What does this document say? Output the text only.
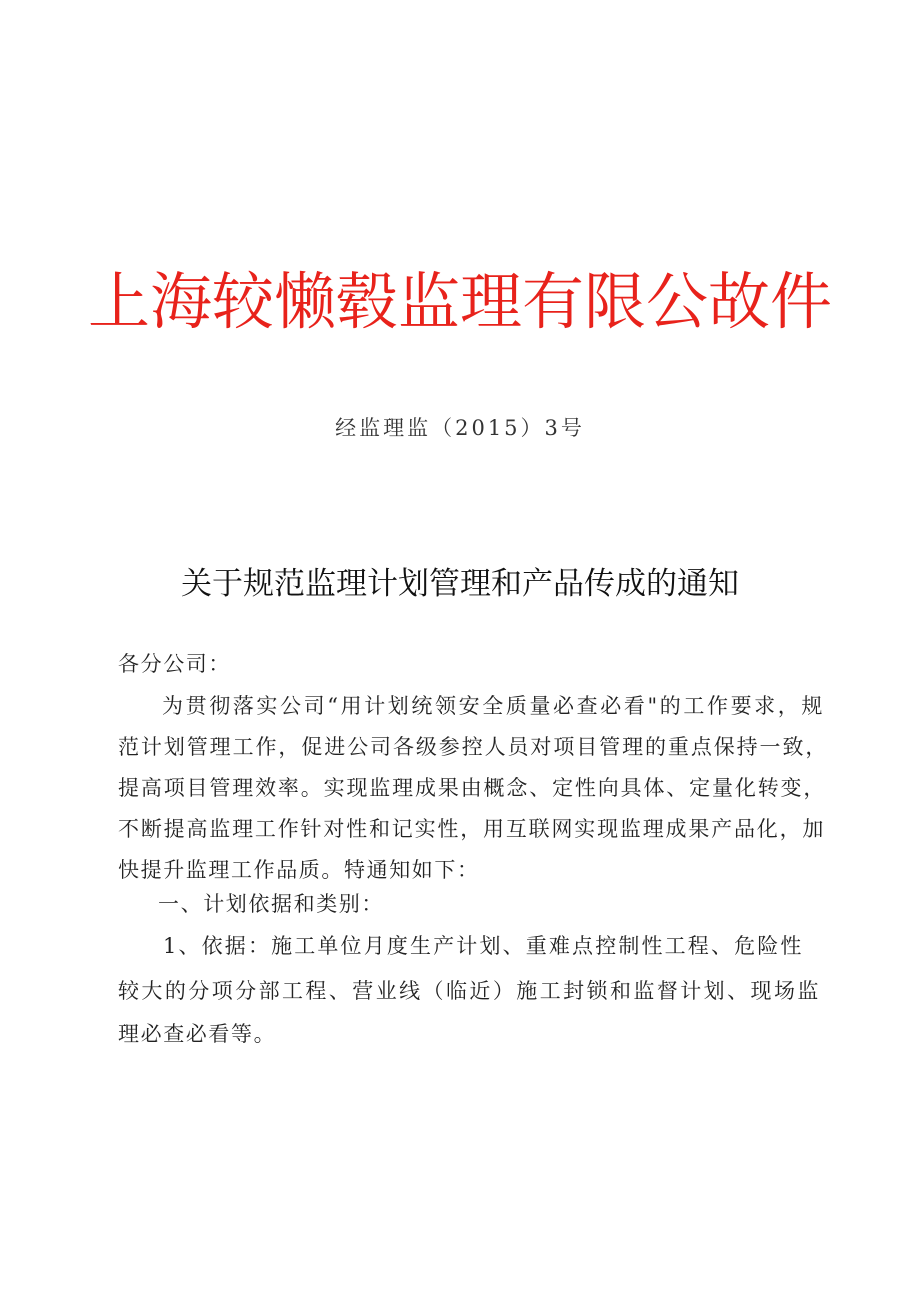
上海较懒毂监理有限公故件
经监理监（2015）3号
关于规范监理计划管理和产品传成的通知
各分公司：
为贯彻落实公司“用计划统领安全质量必查必看"的工作要求，规
范计划管理工作，促进公司各级参控人员对项目管理的重点保持一致，
提高项目管理效率。实现监理成果由概念、定性向具体、定量化转变，
不断提高监理工作针对性和记实性，用互联网实现监理成果产品化，加
快提升监理工作品质。特通知如下：
一、计划依据和类别：
1、依据：施工单位月度生产计划、重难点控制性工程、危险性
较大的分项分部工程、营业线（临近）施工封锁和监督计划、现场监
理必查必看等。
